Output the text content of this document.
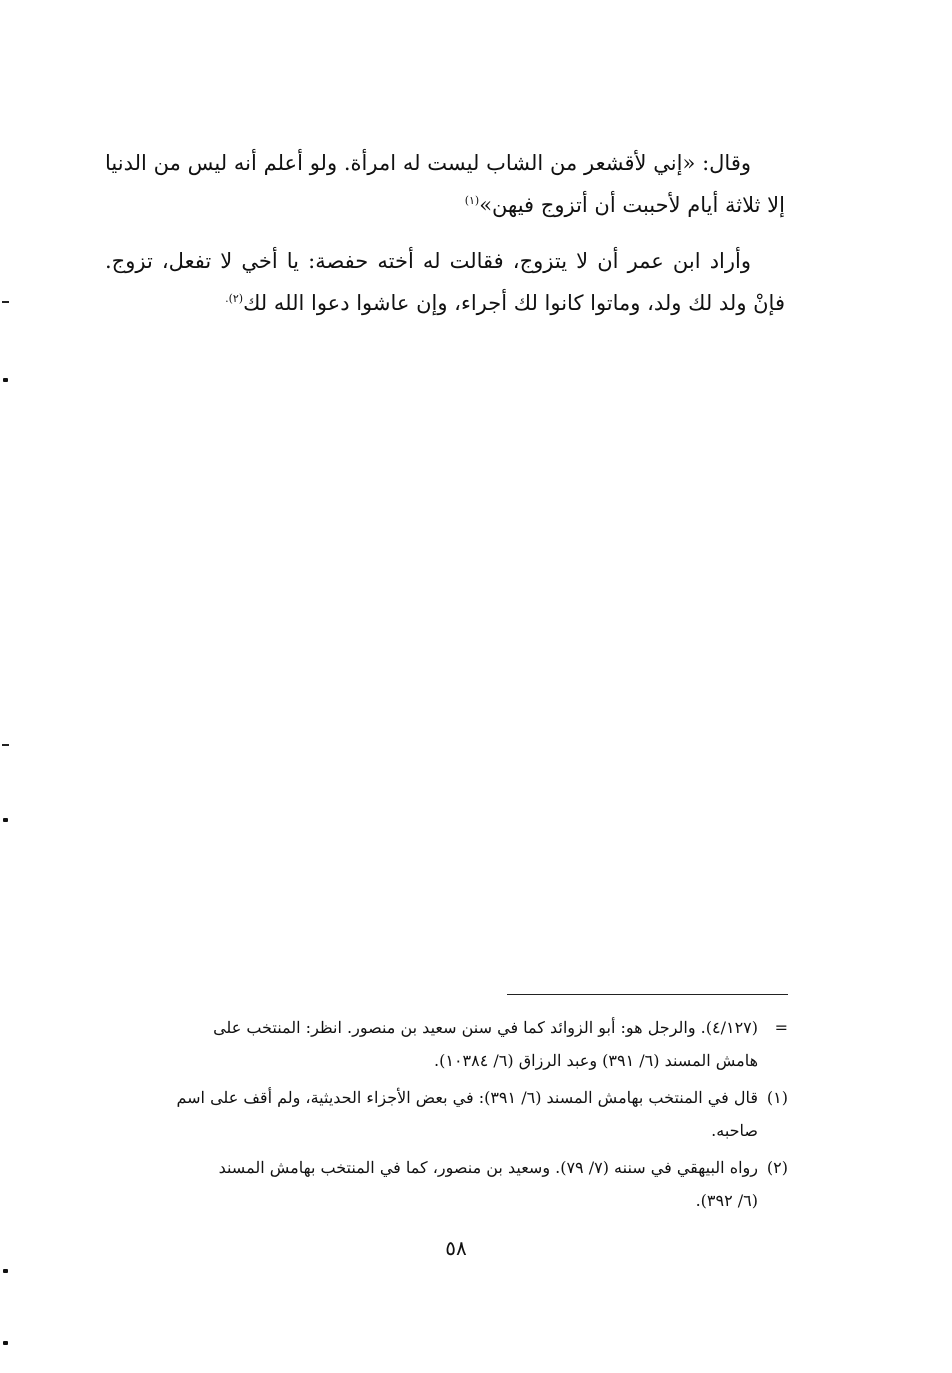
وقال: «إني لأقشعر من الشاب ليست له امرأة. ولو أعلم أنه ليس من الدنيا إلا ثلاثة أيام لأحببت أن أتزوج فيهن»$^{(١)}$

وأراد ابن عمر أن لا يتزوج، فقالت له أخته حفصة: يا أخي لا تفعل، تزوج. فإنْ ولد لك ولد، وماتوا كانوا لك أجراء، وإن عاشوا دعوا الله لك$^{(٢).}$

=(٤/١٢٧). والرجل هو: أبو الزوائد كما في سنن سعيد بن منصور. انظر: المنتخب على
هامش المسند (٦/ ٣٩١) وعبد الرزاق (٦/ ١٠٣٨٤).
(١)قال في المنتخب بهامش المسند (٦/ ٣٩١): في بعض الأجزاء الحديثية، ولم أقف على اسم
صاحبه.
(٢)رواه البيهقي في سننه (٧/ ٧٩). وسعيد بن منصور، كما في المنتخب بهامش المسند
(٦/ ٣٩٢).
٥٨
